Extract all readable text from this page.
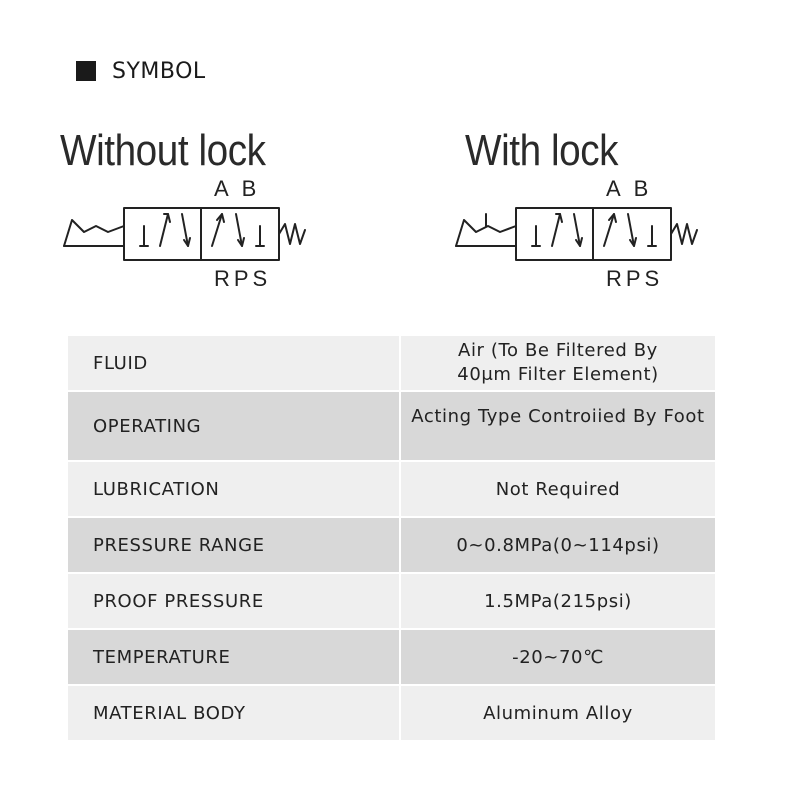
SYMBOL
Without lock
A B
RPS
With lock
A B
RPS
FLUID	Air (To Be Filtered By
40μm Filter Element)

OPERATING	Acting Type Controiied By Foot
LUBRICATION	Not Required
PRESSURE RANGE	0~0.8MPa(0~114psi)
PROOF PRESSURE	1.5MPa(215psi)
TEMPERATURE	-20~70℃
MATERIAL BODY	Aluminum Alloy
